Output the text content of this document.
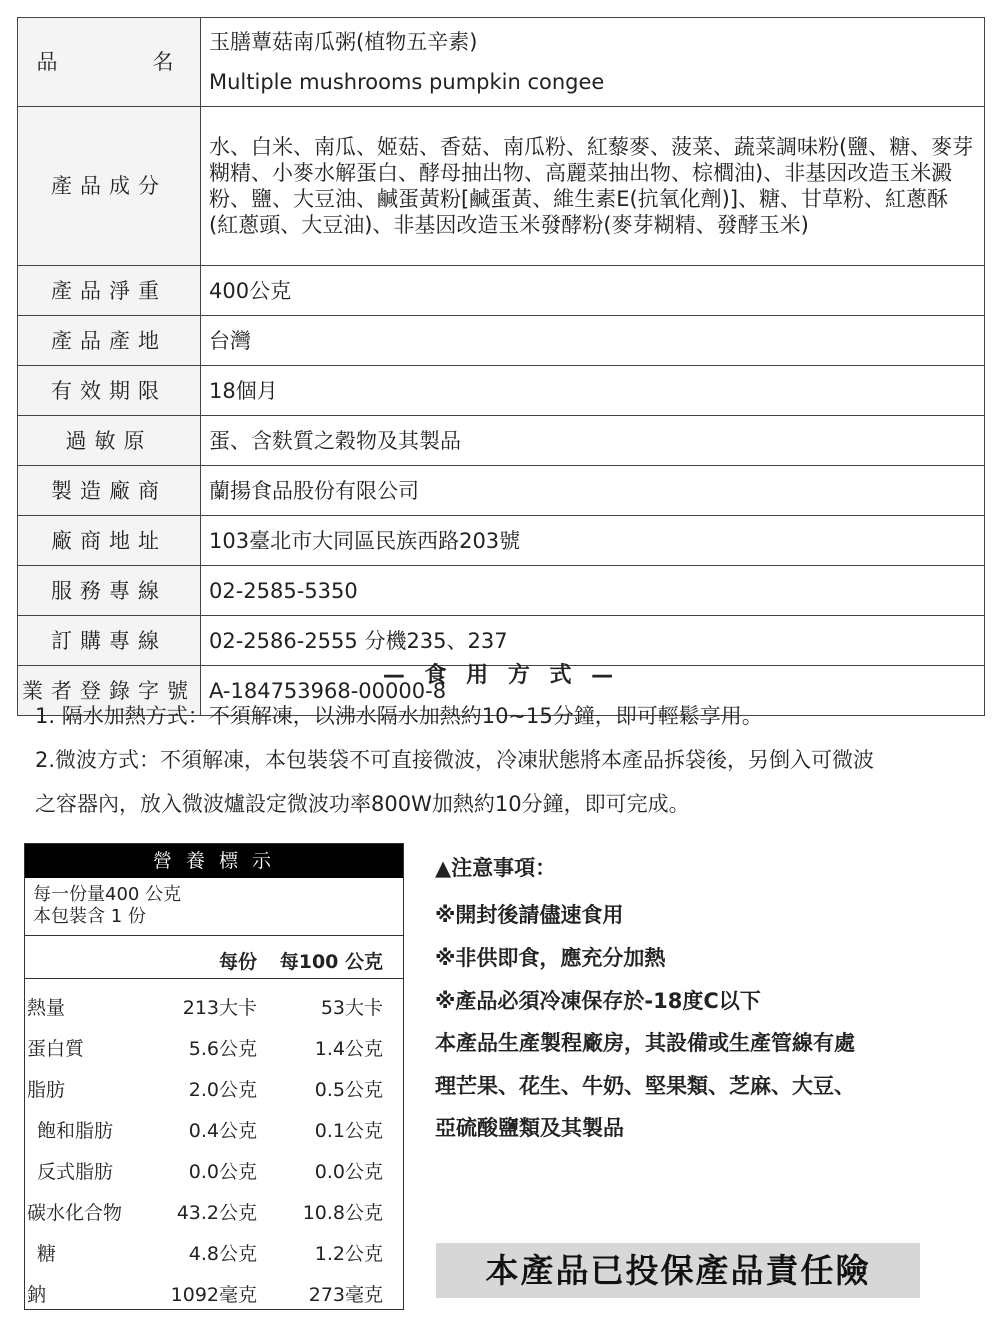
品　　　名	玉膳蕈菇南瓜粥(植物五辛素)
Multiple mushrooms pumpkin congee

產品成分	水、白米、南瓜、姬菇、香菇、南瓜粉、紅藜麥、菠菜、蔬菜調味粉(鹽、糖、麥芽糊精、小麥水解蛋白、酵母抽出物、高麗菜抽出物、棕櫚油)、非基因改造玉米澱粉、鹽、大豆油、鹹蛋黃粉[鹹蛋黃、維生素E(抗氧化劑)]、糖、甘草粉、紅蔥酥(紅蔥頭、大豆油)、非基因改造玉米發酵粉(麥芽糊精、發酵玉米)
產品淨重	400公克
產品產地	台灣
有效期限	18個月
過敏原	蛋、含麩質之穀物及其製品
製造廠商	蘭揚食品股份有限公司
廠商地址	103臺北市大同區民族西路203號
服務專線	02-2585-5350
訂購專線	02-2586-2555 分機235、237
業者登錄字號	A-184753968-00000-8
— 食 用 方 式 —
1. 隔水加熱方式：不須解凍，以沸水隔水加熱約10~15分鐘，即可輕鬆享用。
2.微波方式：不須解凍，本包裝袋不可直接微波，冷凍狀態將本產品拆袋後，另倒入可微波
之容器內，放入微波爐設定微波功率800W加熱約10分鐘，即可完成。
營 養 標 示
每一份量400 公克
本包裝含 1 份
每份 每100 公克
熱量	213大卡	53大卡
蛋白質	5.6公克	1.4公克
脂肪	2.0公克	0.5公克
飽和脂肪	0.4公克	0.1公克
反式脂肪	0.0公克	0.0公克
碳水化合物	43.2公克 10.8公克
糖	4.8公克	1.2公克
鈉	1092毫克	273毫克
▲注意事項：
※開封後請儘速食用
※非供即食，應充分加熱
※產品必須冷凍保存於-18度C以下
本產品生產製程廠房，其設備或生產管線有處
理芒果、花生、牛奶、堅果類、芝麻、大豆、
亞硫酸鹽類及其製品
本產品已投保產品責任險
